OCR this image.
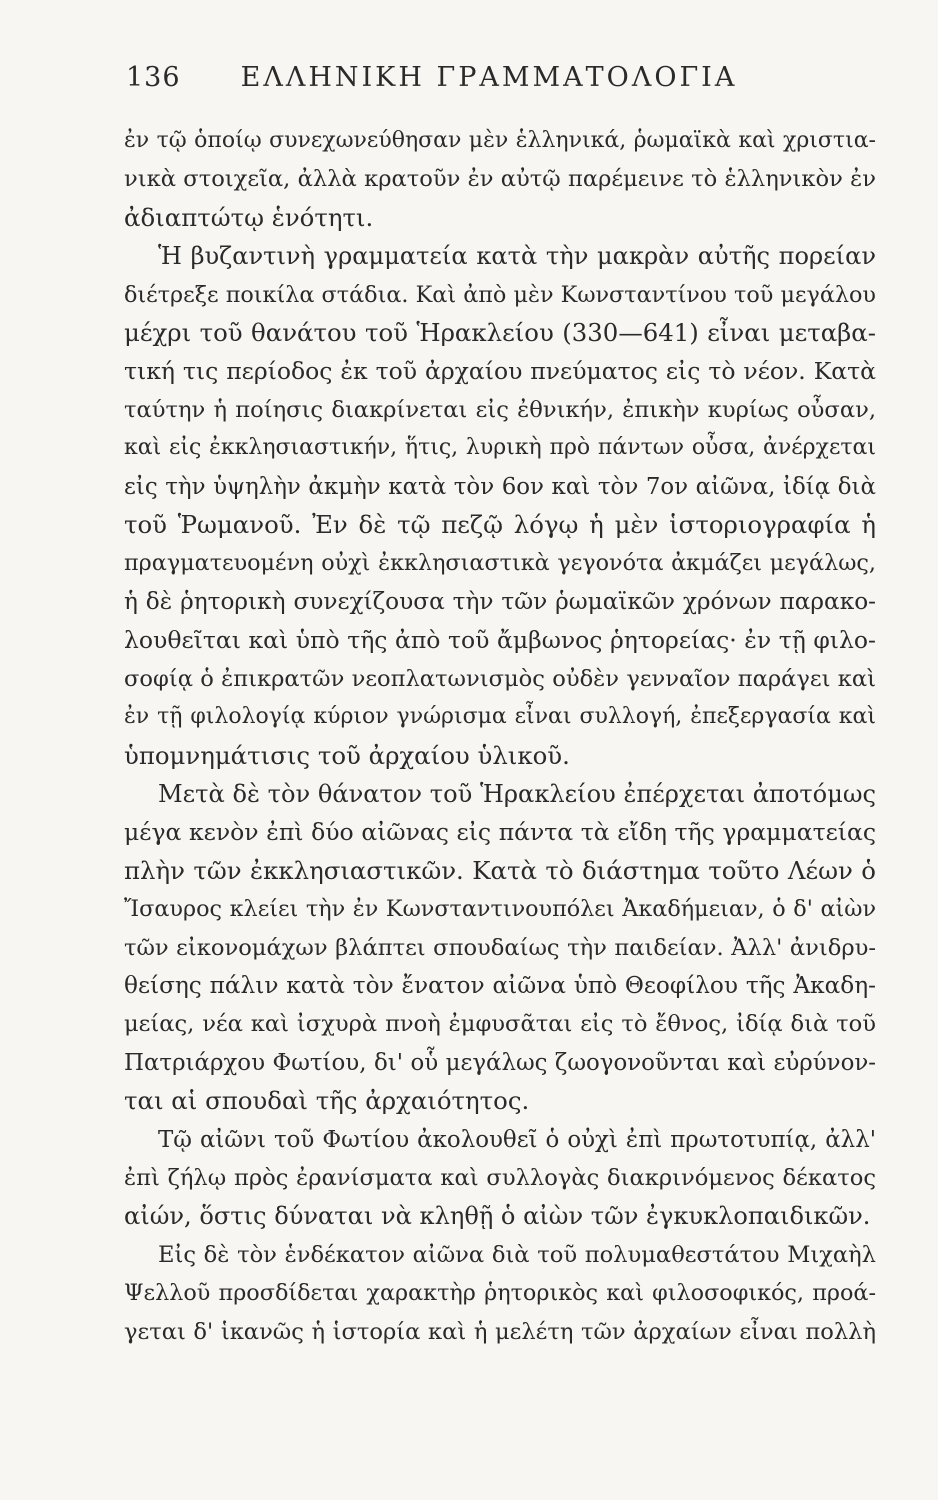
136	ΕΛΛΗΝΙΚΗ ΓΡΑΜΜΑΤΟΛΟΓΙΑ

ἐν τῷ ὁποίῳ συνεχωνεύθησαν μὲν ἑλληνικά, ῥωμαϊκὰ καὶ χριστια-

νικὰ στοιχεῖα, ἀλλὰ κρατοῦν ἐν αὐτῷ παρέμεινε τὸ ἑλληνικὸν ἐν

ἀδιαπτώτῳ ἑνότητι.

Ἡ βυζαντινὴ γραμματεία κατὰ τὴν μακρὰν αὐτῆς πορείαν

διέτρεξε ποικίλα στάδια. Καὶ ἀπὸ μὲν Κωνσταντίνου τοῦ μεγάλου

μέχρι τοῦ θανάτου τοῦ Ἡρακλείου (330—641) εἶναι μεταβα-

τική τις περίοδος ἐκ τοῦ ἀρχαίου πνεύματος εἰς τὸ νέον. Κατὰ

ταύτην ἡ ποίησις διακρίνεται εἰς ἐθνικήν, ἐπικὴν κυρίως οὖσαν,

καὶ εἰς ἐκκλησιαστικήν, ἥτις, λυρικὴ πρὸ πάντων οὖσα, ἀνέρχεται

εἰς τὴν ὑψηλὴν ἀκμὴν κατὰ τὸν 6ον καὶ τὸν 7ον αἰῶνα, ἰδίᾳ διὰ

τοῦ Ῥωμανοῦ. Ἐν δὲ τῷ πεζῷ λόγῳ ἡ μὲν ἱστοριογραφία ἡ

πραγματευομένη οὐχὶ ἐκκλησιαστικὰ γεγονότα ἀκμάζει μεγάλως,

ἡ δὲ ῥητορικὴ συνεχίζουσα τὴν τῶν ῥωμαϊκῶν χρόνων παρακο-

λουθεῖται καὶ ὑπὸ τῆς ἀπὸ τοῦ ἄμβωνος ῥητορείας· ἐν τῇ φιλο-

σοφίᾳ ὁ ἐπικρατῶν νεοπλατωνισμὸς οὐδὲν γενναῖον παράγει καὶ

ἐν τῇ φιλολογίᾳ κύριον γνώρισμα εἶναι συλλογή, ἐπεξεργασία καὶ

ὑπομνημάτισις τοῦ ἀρχαίου ὑλικοῦ.

Μετὰ δὲ τὸν θάνατον τοῦ Ἡρακλείου ἐπέρχεται ἀποτόμως

μέγα κενὸν ἐπὶ δύο αἰῶνας εἰς πάντα τὰ εἴδη τῆς γραμματείας

πλὴν τῶν ἐκκλησιαστικῶν. Κατὰ τὸ διάστημα τοῦτο Λέων ὁ

Ἴσαυρος κλείει τὴν ἐν Κωνσταντινουπόλει Ἀκαδήμειαν, ὁ δ' αἰὼν

τῶν εἰκονομάχων βλάπτει σπουδαίως τὴν παιδείαν. Ἀλλ' ἀνιδρυ-

θείσης πάλιν κατὰ τὸν ἔνατον αἰῶνα ὑπὸ Θεοφίλου τῆς Ἀκαδη-

μείας, νέα καὶ ἰσχυρὰ πνοὴ ἐμφυσᾶται εἰς τὸ ἔθνος, ἰδίᾳ διὰ τοῦ

Πατριάρχου Φωτίου, δι' οὗ μεγάλως ζωογονοῦνται καὶ εὐρύνον-

ται αἱ σπουδαὶ τῆς ἀρχαιότητος.

Τῷ αἰῶνι τοῦ Φωτίου ἀκολουθεῖ ὁ οὐχὶ ἐπὶ πρωτοτυπίᾳ, ἀλλ'

ἐπὶ ζήλῳ πρὸς ἐρανίσματα καὶ συλλογὰς διακρινόμενος δέκατος

αἰών, ὅστις δύναται νὰ κληθῇ ὁ αἰὼν τῶν ἐγκυκλοπαιδικῶν.

Εἰς δὲ τὸν ἑνδέκατον αἰῶνα διὰ τοῦ πολυμαθεστάτου Μιχαὴλ

Ψελλοῦ προσδίδεται χαρακτὴρ ῥητορικὸς καὶ φιλοσοφικός, προά-

γεται δ' ἱκανῶς ἡ ἱστορία καὶ ἡ μελέτη τῶν ἀρχαίων εἶναι πολλὴ
